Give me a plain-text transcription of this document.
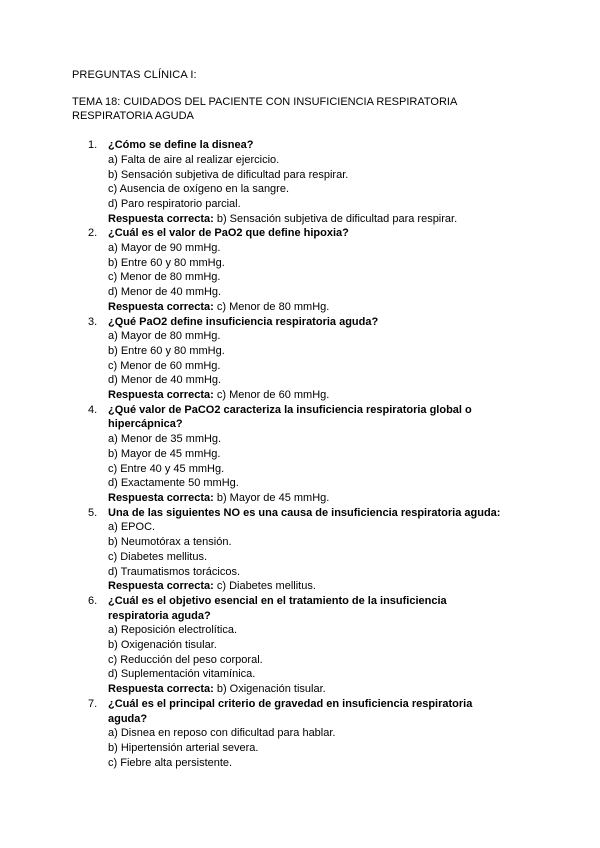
PREGUNTAS CLÍNICA I:

TEMA 18: CUIDADOS DEL PACIENTE CON INSUFICIENCIA RESPIRATORIA RESPIRATORIA AGUDA

1. ¿Cómo se define la disnea?
a) Falta de aire al realizar ejercicio.
b) Sensación subjetiva de dificultad para respirar.
c) Ausencia de oxígeno en la sangre.
d) Paro respiratorio parcial.
Respuesta correcta: b) Sensación subjetiva de dificultad para respirar.
2. ¿Cuál es el valor de PaO2 que define hipoxia?
a) Mayor de 90 mmHg.
b) Entre 60 y 80 mmHg.
c) Menor de 80 mmHg.
d) Menor de 40 mmHg.
Respuesta correcta: c) Menor de 80 mmHg.
3. ¿Qué PaO2 define insuficiencia respiratoria aguda?
a) Mayor de 80 mmHg.
b) Entre 60 y 80 mmHg.
c) Menor de 60 mmHg.
d) Menor de 40 mmHg.
Respuesta correcta: c) Menor de 60 mmHg.
4. ¿Qué valor de PaCO2 caracteriza la insuficiencia respiratoria global o hipercápnica?
a) Menor de 35 mmHg.
b) Mayor de 45 mmHg.
c) Entre 40 y 45 mmHg.
d) Exactamente 50 mmHg.
Respuesta correcta: b) Mayor de 45 mmHg.
5. Una de las siguientes NO es una causa de insuficiencia respiratoria aguda:
a) EPOC.
b) Neumotórax a tensión.
c) Diabetes mellitus.
d) Traumatismos torácicos.
Respuesta correcta: c) Diabetes mellitus.
6. ¿Cuál es el objetivo esencial en el tratamiento de la insuficiencia respiratoria aguda?
a) Reposición electrolítica.
b) Oxigenación tisular.
c) Reducción del peso corporal.
d) Suplementación vitamínica.
Respuesta correcta: b) Oxigenación tisular.
7. ¿Cuál es el principal criterio de gravedad en insuficiencia respiratoria aguda?
a) Disnea en reposo con dificultad para hablar.
b) Hipertensión arterial severa.
c) Fiebre alta persistente.
